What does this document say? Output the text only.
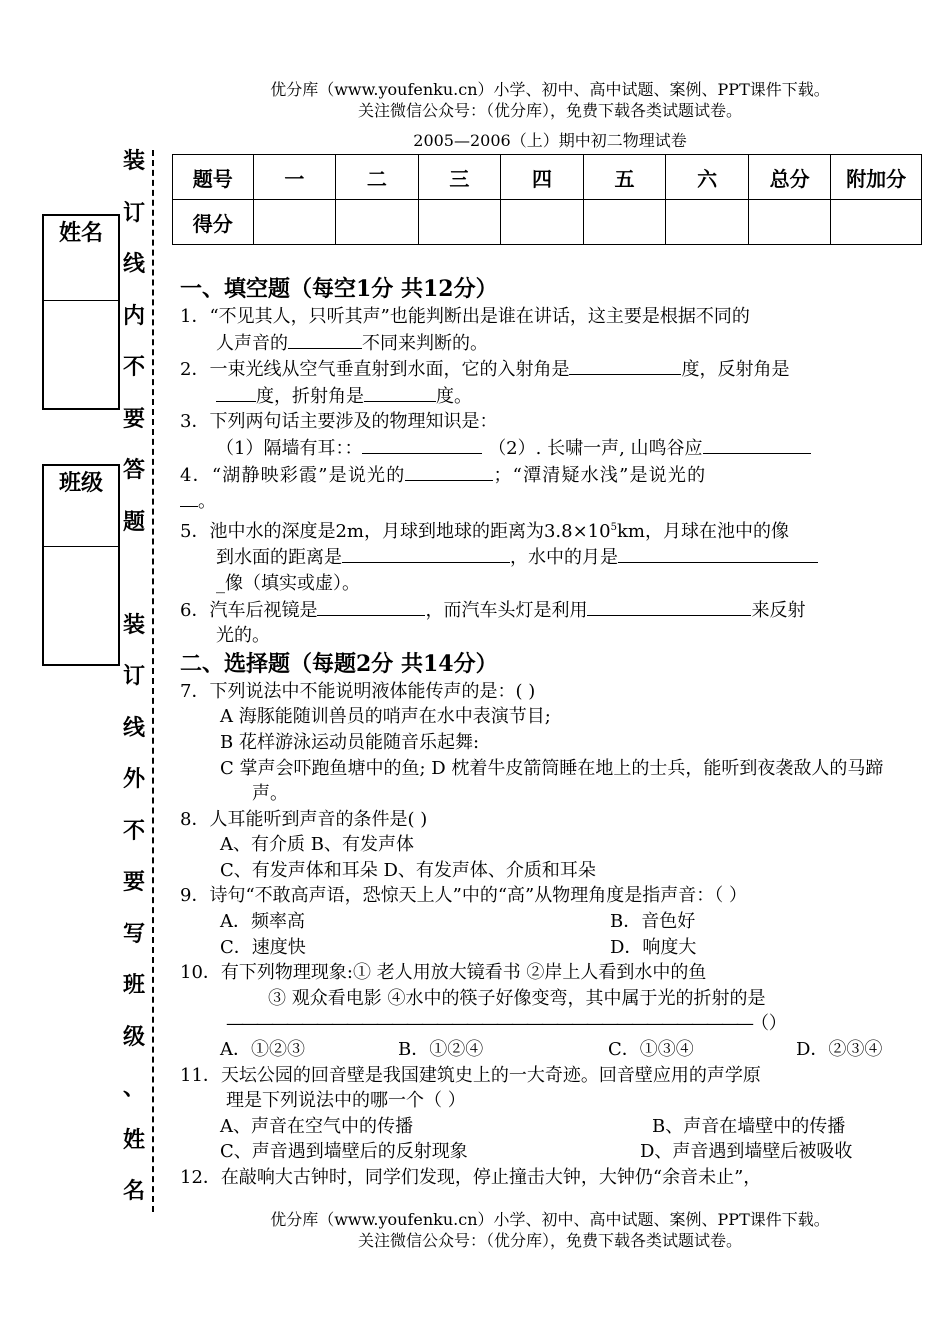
优分库（www.youfenku.cn）小学、初中、高中试题、案例、PPT课件下载。
关注微信公众号：（优分库），免费下载各类试题试卷。
2005—2006（上）期中初二物理试卷
姓名
班级
装
订
线
内
不
要
答
题
装
订
线
外
不
要
写
班
级
、
姓
名
题号	一	二	三	四	五	六	总分	附加分
得分								
一、填空题（每空1分 共12分）
1．“不见其人，只听其声”也能判断出是谁在讲话，这主要是根据不同的
人声音的	不同来判断的。
2．一束光线从空气垂直射到水面，它的入射角是	度，反射角是
度，折射角是	度。
3．下列两句话主要涉及的物理知识是：
（1）隔墙有耳：：	（2）. 长啸一声, 山鸣谷应
4．“湖静映彩霞”是说光的	；“潭清疑水浅”是说光的
。
5．池中水的深度是2m，月球到地球的距离为$3.8\times 10^5km$，月球在池中的像
到水面的距离是	，水中的月是
_像（填实或虚）。
6．汽车后视镜是	，而汽车头灯是利用	来反射
光的。
二、选择题（每题2分 共14分）
7．下列说法中不能说明液体能传声的是：( )
A 海豚能随训兽员的哨声在水中表演节目;
B 花样游泳运动员能随音乐起舞:
C 掌声会吓跑鱼塘中的鱼; D 枕着牛皮箭筒睡在地上的士兵，能听到夜袭敌人的马蹄声。
8．人耳能听到声音的条件是( )
A、有介质 B、有发声体
C、有发声体和耳朵 D、有发声体、介质和耳朵
9．诗句“不敢高声语，恐惊天上人”中的“高”从物理角度是指声音：（ ）
A．频率高	B．音色好
C．速度快	D．响度大
10．有下列物理现象:① 老人用放大镜看书 ②岸上人看到水中的鱼
③ 观众看电影 ④水中的筷子好像变弯，其中属于光的折射的是
———————————————————————————————————（ ）
A．①②③	B．①②④	C．①③④	D．②③④
11．天坛公园的回音壁是我国建筑史上的一大奇迹。回音壁应用的声学原
理是下列说法中的哪一个（ ）
A、声音在空气中的传播	B、声音在墙壁中的传播
C、声音遇到墙壁后的反射现象	D、声音遇到墙壁后被吸收
12．在敲响大古钟时，同学们发现，停止撞击大钟，大钟仍“余音未止”，
优分库（www.youfenku.cn）小学、初中、高中试题、案例、PPT课件下载。
关注微信公众号：（优分库），免费下载各类试题试卷。
